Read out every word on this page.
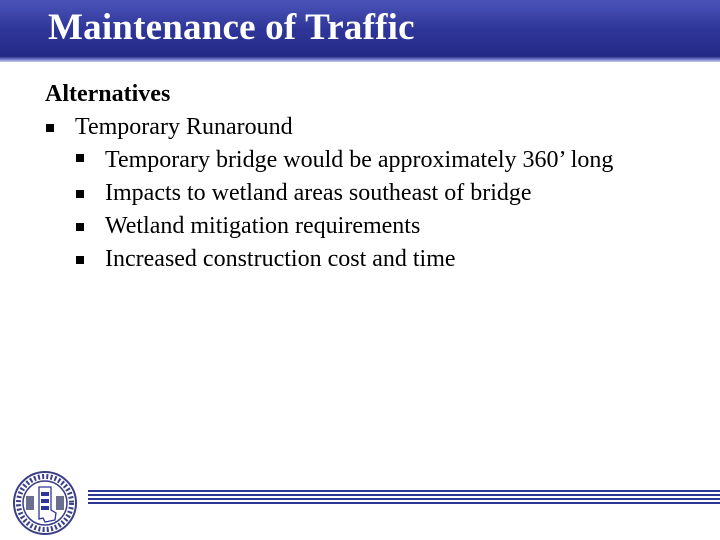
Maintenance of Traffic
Alternatives
Temporary Runaround
Temporary bridge would be approximately 360’ long
Impacts to wetland areas southeast of bridge
Wetland mitigation requirements
Increased construction cost and time
